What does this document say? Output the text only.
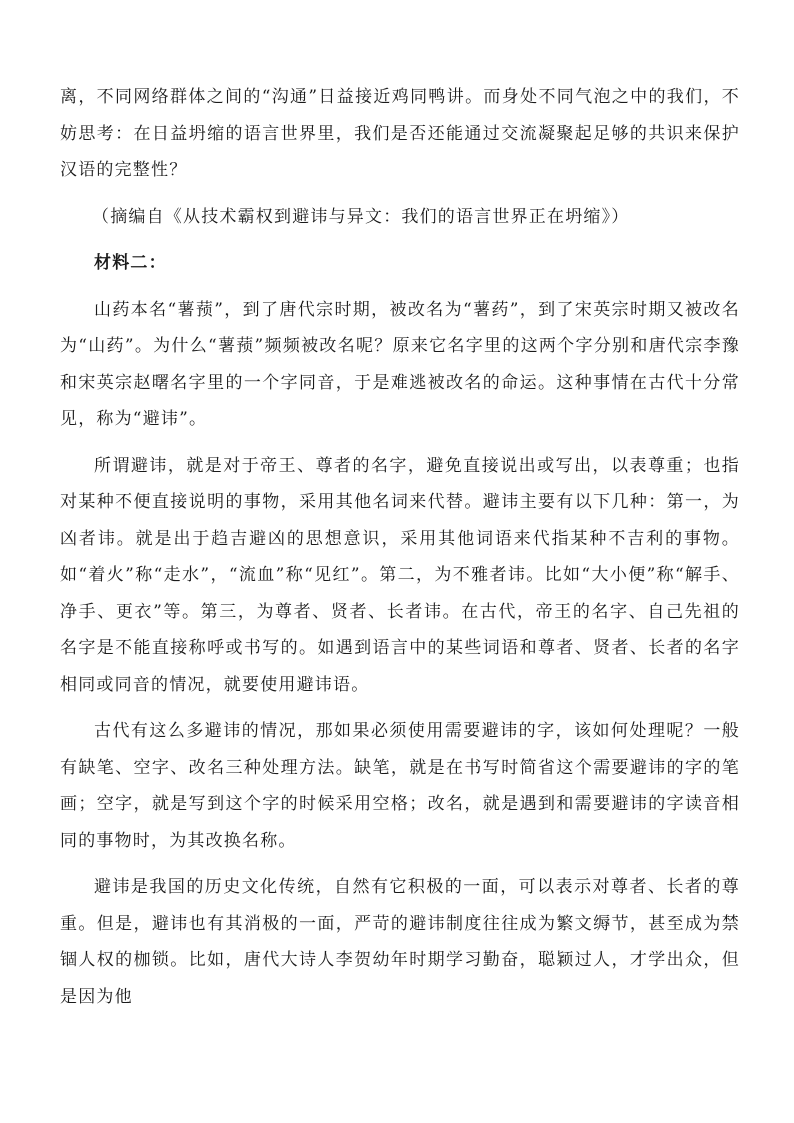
离，不同网络群体之间的“沟通”日益接近鸡同鸭讲。而身处不同气泡之中的我们，不妨思考：在日益坍缩的语言世界里，我们是否还能通过交流凝聚起足够的共识来保护汉语的完整性？

（摘编自《从技术霸权到避讳与异文：我们的语言世界正在坍缩》）

材料二：

山药本名“薯蓣”，到了唐代宗时期，被改名为“薯药”，到了宋英宗时期又被改名为“山药”。为什么“薯蓣”频频被改名呢？原来它名字里的这两个字分别和唐代宗李豫和宋英宗赵曙名字里的一个字同音，于是难逃被改名的命运。这种事情在古代十分常见，称为“避讳”。

所谓避讳，就是对于帝王、尊者的名字，避免直接说出或写出，以表尊重；也指对某种不便直接说明的事物，采用其他名词来代替。避讳主要有以下几种：第一，为凶者讳。就是出于趋吉避凶的思想意识，采用其他词语来代指某种不吉利的事物。如“着火”称“走水”，“流血”称“见红”。第二，为不雅者讳。比如“大小便”称“解手、净手、更衣”等。第三，为尊者、贤者、长者讳。在古代，帝王的名字、自己先祖的名字是不能直接称呼或书写的。如遇到语言中的某些词语和尊者、贤者、长者的名字相同或同音的情况，就要使用避讳语。

古代有这么多避讳的情况，那如果必须使用需要避讳的字，该如何处理呢？一般有缺笔、空字、改名三种处理方法。缺笔，就是在书写时简省这个需要避讳的字的笔画；空字，就是写到这个字的时候采用空格；改名，就是遇到和需要避讳的字读音相同的事物时，为其改换名称。

避讳是我国的历史文化传统，自然有它积极的一面，可以表示对尊者、长者的尊重。但是，避讳也有其消极的一面，严苛的避讳制度往往成为繁文缛节，甚至成为禁锢人权的枷锁。比如，唐代大诗人李贺幼年时期学习勤奋，聪颖过人，才学出众，但是因为他
